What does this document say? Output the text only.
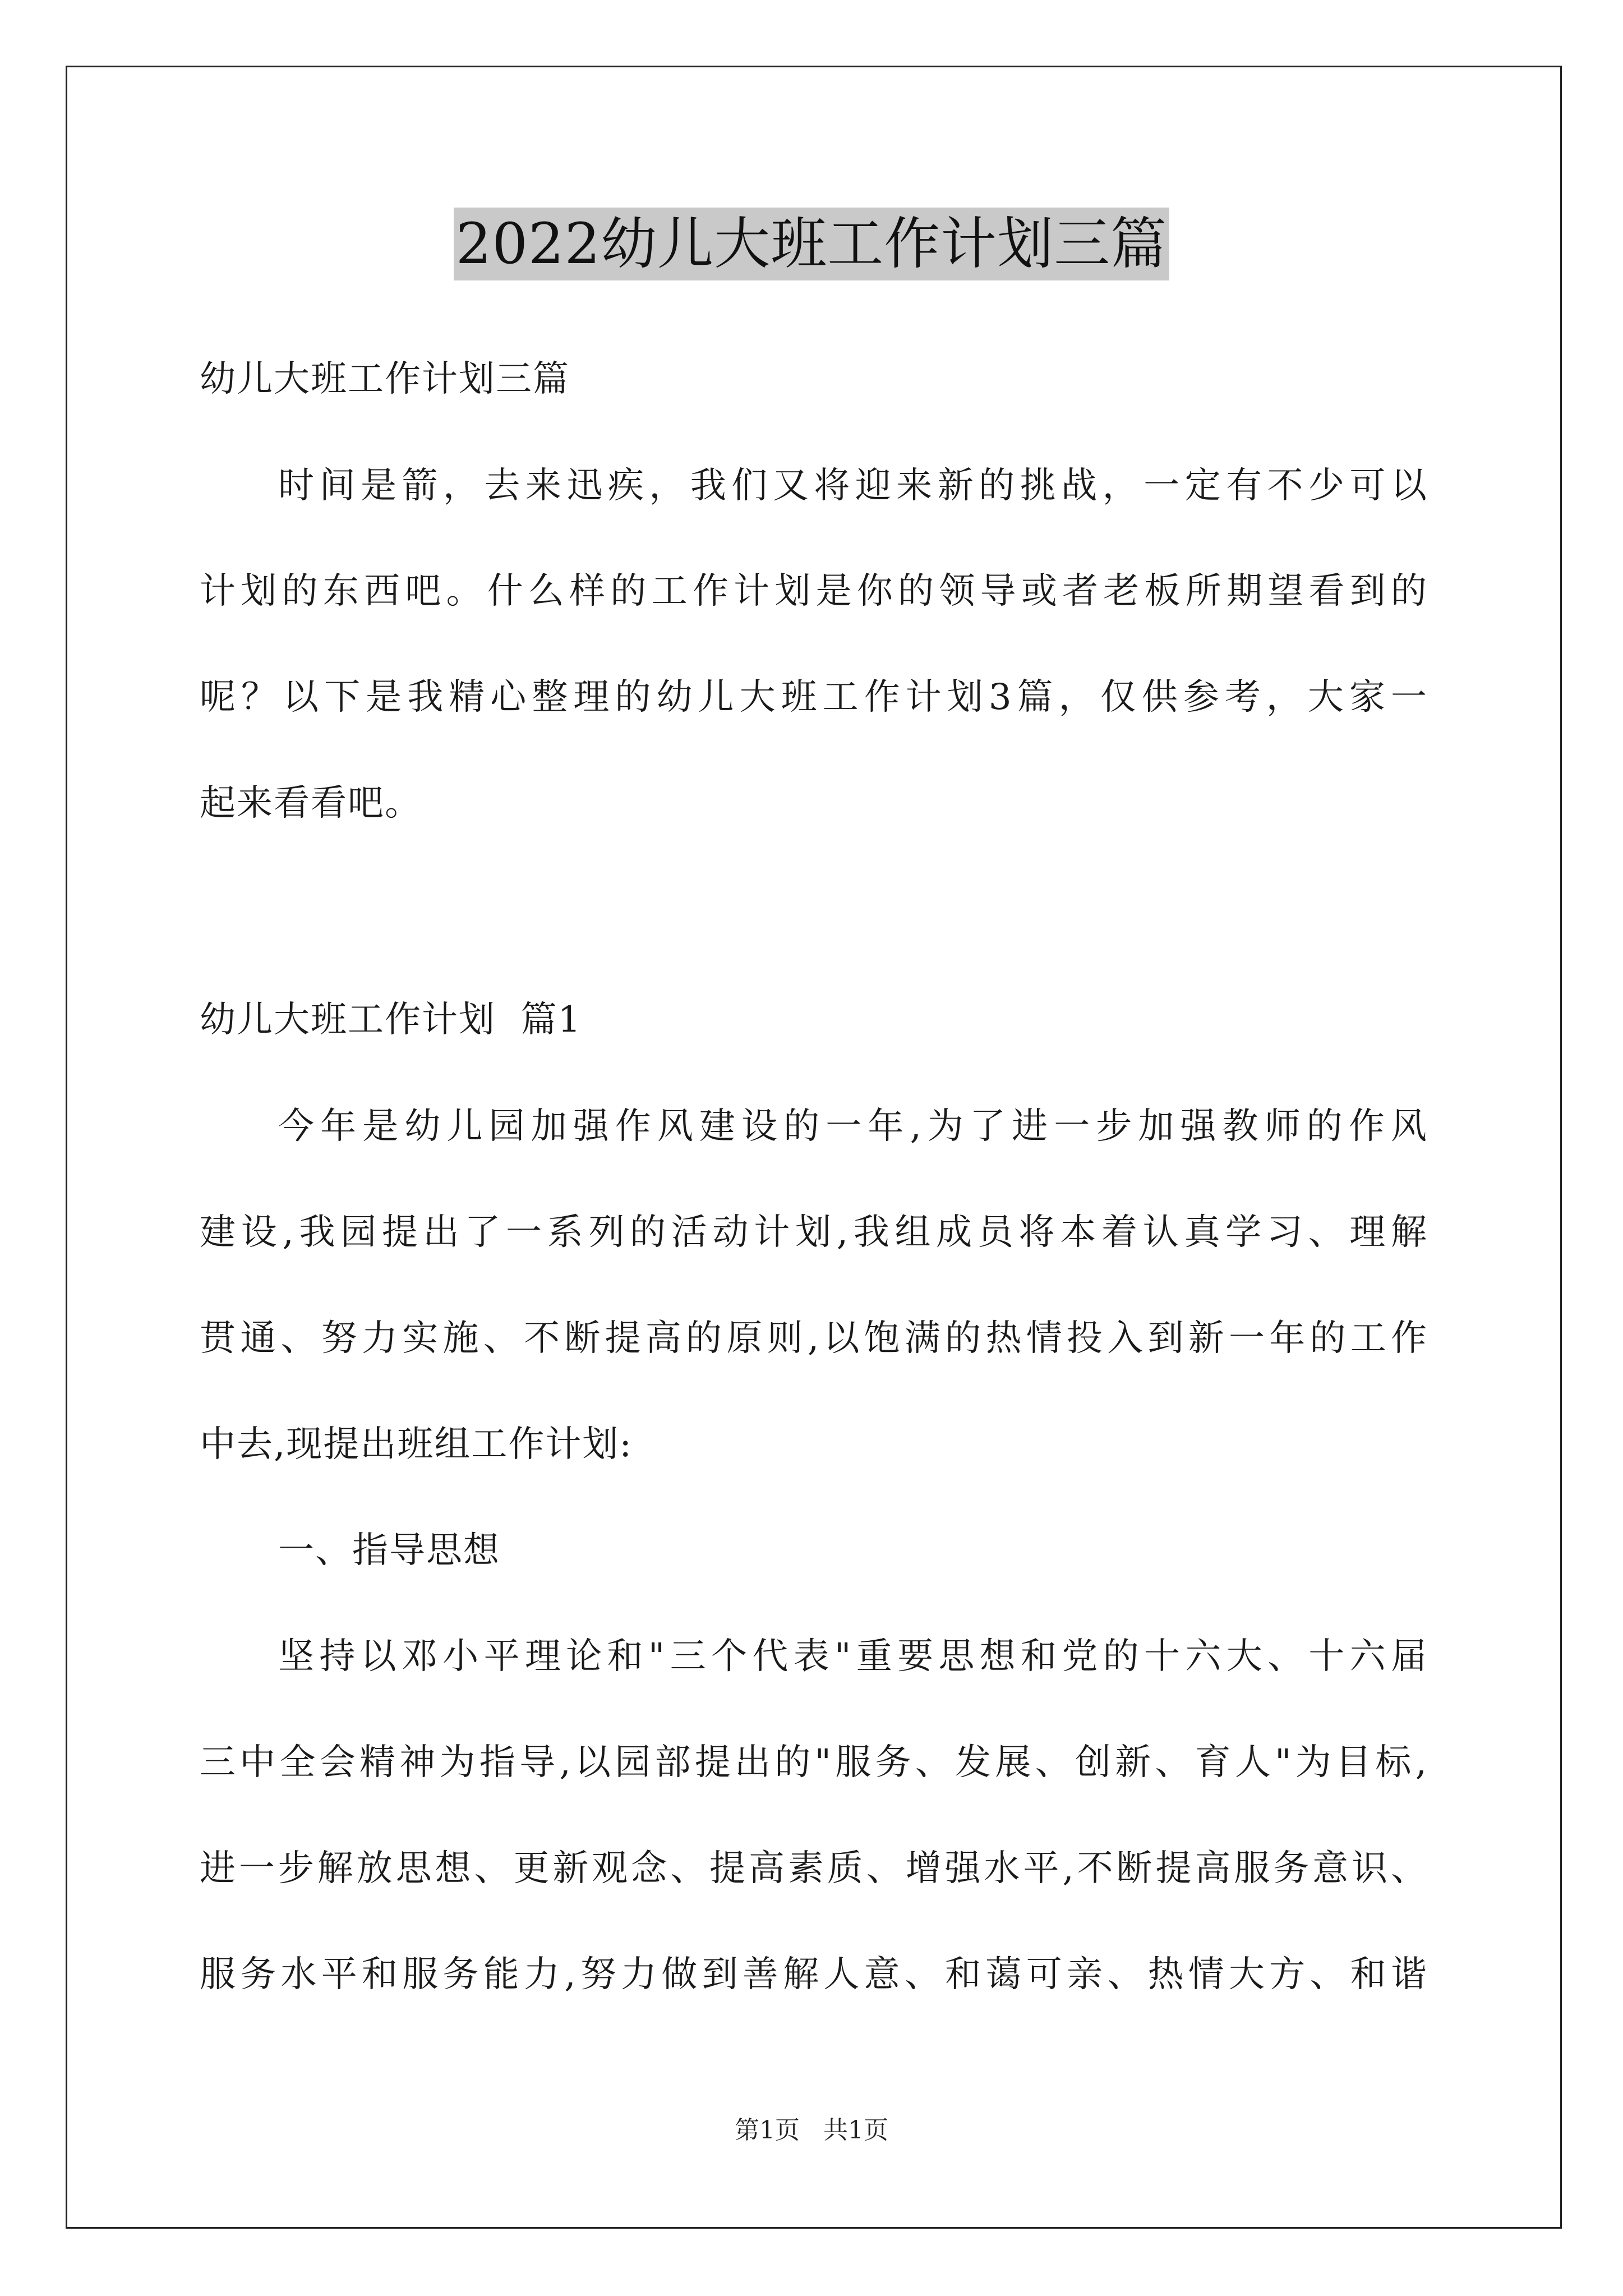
2022幼儿大班工作计划三篇
幼儿大班工作计划三篇
时间是箭，去来迅疾，我们又将迎来新的挑战，一定有不少可以
计划的东西吧。什么样的工作计划是你的领导或者老板所期望看到的
呢？以下是我精心整理的幼儿大班工作计划3篇，仅供参考，大家一
起来看看吧。
幼儿大班工作计划  篇1
今年是幼儿园加强作风建设的一年,为了进一步加强教师的作风
建设,我园提出了一系列的活动计划,我组成员将本着认真学习、理解
贯通、努力实施、不断提高的原则,以饱满的热情投入到新一年的工作
中去,现提出班组工作计划:
一、指导思想
坚持以邓小平理论和"三个代表"重要思想和党的十六大、十六届
三中全会精神为指导,以园部提出的"服务、发展、创新、育人"为目标,
进一步解放思想、更新观念、提高素质、增强水平,不断提高服务意识、
服务水平和服务能力,努力做到善解人意、和蔼可亲、热情大方、和谐
第1页   共1页
